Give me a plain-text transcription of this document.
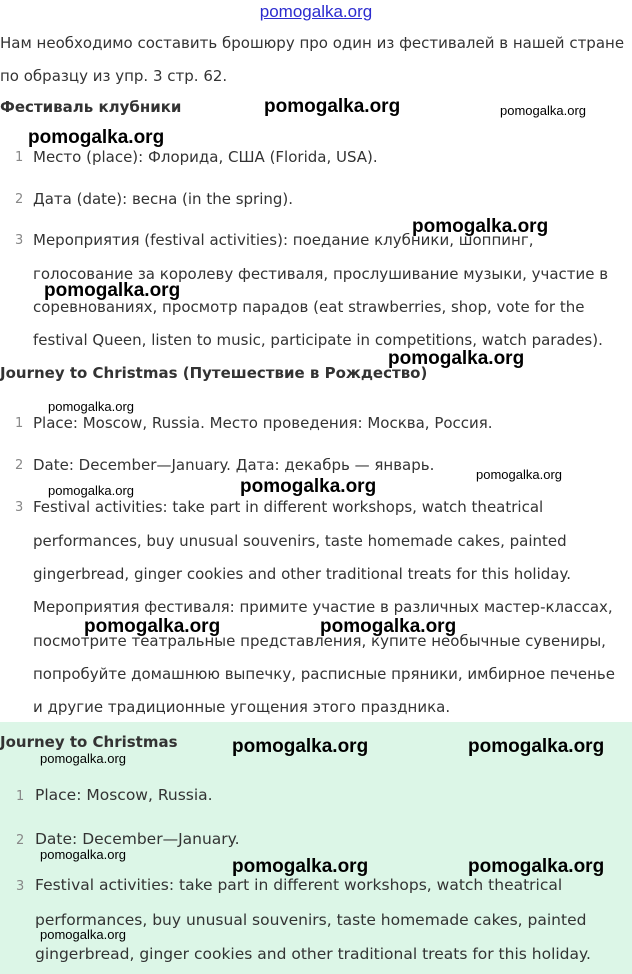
pomogalka.org
Нам необходимо составить брошюру про один из фестивалей в нашей стране
по образцу из упр. 3 стр. 62.
Фестиваль клубники
1 Место (place): Флорида, США (Florida, USA).
2 Дата (date): весна (in the spring).
3 Мероприятия (festival activities): поедание клубники, шоппинг,
голосование за королеву фестиваля, прослушивание музыки, участие в
соревнованиях, просмотр парадов (eat strawberries, shop, vote for the
festival Queen, listen to music, participate in competitions, watch parades).
Journey to Christmas (Путешествие в Рождество)
1 Place: Moscow, Russia. Место проведения: Москва, Россия.
2 Date: December—January. Дата: декабрь — январь.
3 Festival activities: take part in different workshops, watch theatrical
performances, buy unusual souvenirs, taste homemade cakes, painted
gingerbread, ginger cookies and other traditional treats for this holiday.
Мероприятия фестиваля: примите участие в различных мастер-классах,
посмотрите театральные представления, купите необычные сувениры,
попробуйте домашнюю выпечку, расписные пряники, имбирное печенье
и другие традиционные угощения этого праздника.
Journey to Christmas
1 Place: Moscow, Russia.
2 Date: December—January.
3 Festival activities: take part in different workshops, watch theatrical
performances, buy unusual souvenirs, taste homemade cakes, painted
gingerbread, ginger cookies and other traditional treats for this holiday.
pomogalka.org	pomogalka.org
pomogalka.org
pomogalka.org
pomogalka.org
pomogalka.org
pomogalka.org
pomogalka.org
pomogalka.org
pomogalka.org
pomogalka.org	pomogalka.org
pomogalka.org	pomogalka.org
pomogalka.org
pomogalka.org
pomogalka.org	pomogalka.org
pomogalka.org
